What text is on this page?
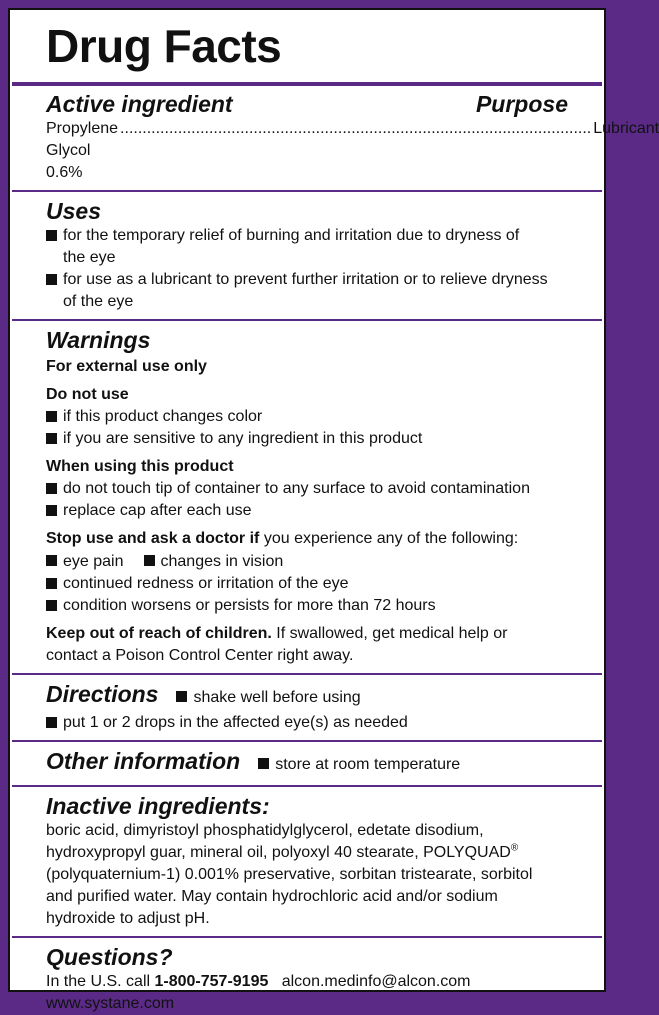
Drug Facts
Active ingredient	Purpose
Propylene Glycol 0.6%
.......................................................................................................... Lubricant
Uses
for the temporary relief of burning and irritation due to dryness of
the eye
for use as a lubricant to prevent further irritation or to relieve dryness
of the eye
Warnings
For external use only
Do not use
if this product changes color
if you are sensitive to any ingredient in this product
When using this product
do not touch tip of container to any surface to avoid contamination
replace cap after each use
Stop use and ask a doctor if you experience any of the following:
eye pain changes in vision
continued redness or irritation of the eye
condition worsens or persists for more than 72 hours
Keep out of reach of children. If swallowed, get medical help or
contact a Poison Control Center right away.
Directions shake well before using
put 1 or 2 drops in the affected eye(s) as needed
Other information store at room temperature
Inactive ingredients:
boric acid, dimyristoyl phosphatidylglycerol, edetate disodium,
hydroxypropyl guar, mineral oil, polyoxyl 40 stearate, POLYQUAD®
(polyquaternium-1) 0.001% preservative, sorbitan tristearate, sorbitol
and purified water. May contain hydrochloric acid and/or sodium
hydroxide to adjust pH.
Questions?
In the U.S. call 1-800-757-9195 alcon.medinfo@alcon.com
www.systane.com
